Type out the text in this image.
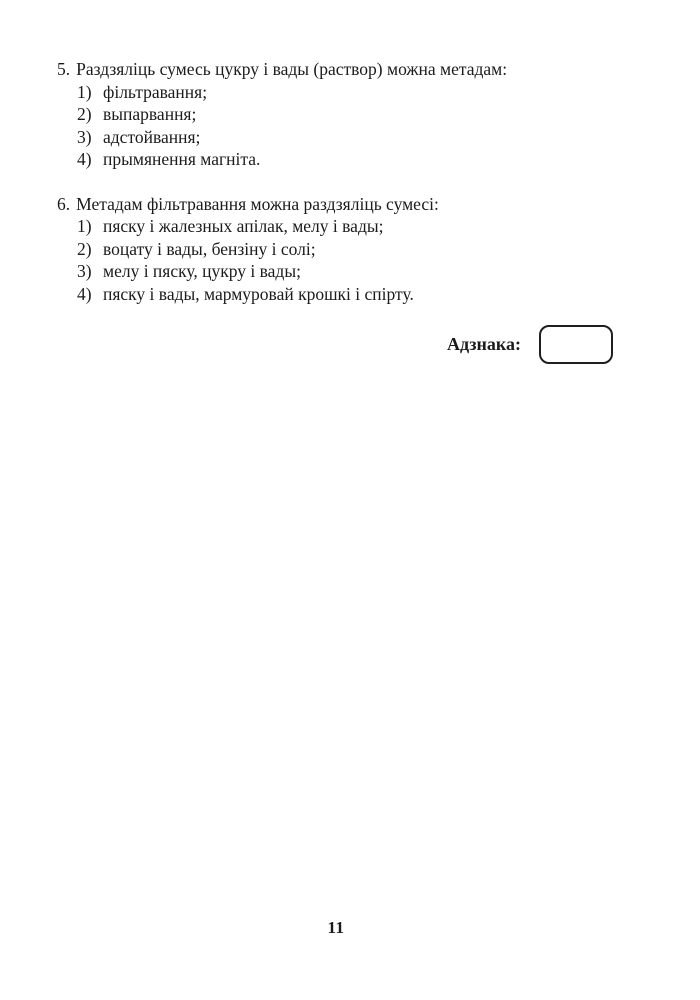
5. Раздзяліць сумесь цукру і вады (раствор) можна метадам:
1) фільтравання;
2) выпарвання;
3) адстойвання;
4) прымянення магніта.
6. Метадам фільтравання можна раздзяліць сумесі:
1) пяску і жалезных апілак, мелу і вады;
2) воцату і вады, бензіну і солі;
3) мелу і пяску, цукру і вады;
4) пяску і вады, мармуровай крошкі і спірту.
Адзнака:
11
